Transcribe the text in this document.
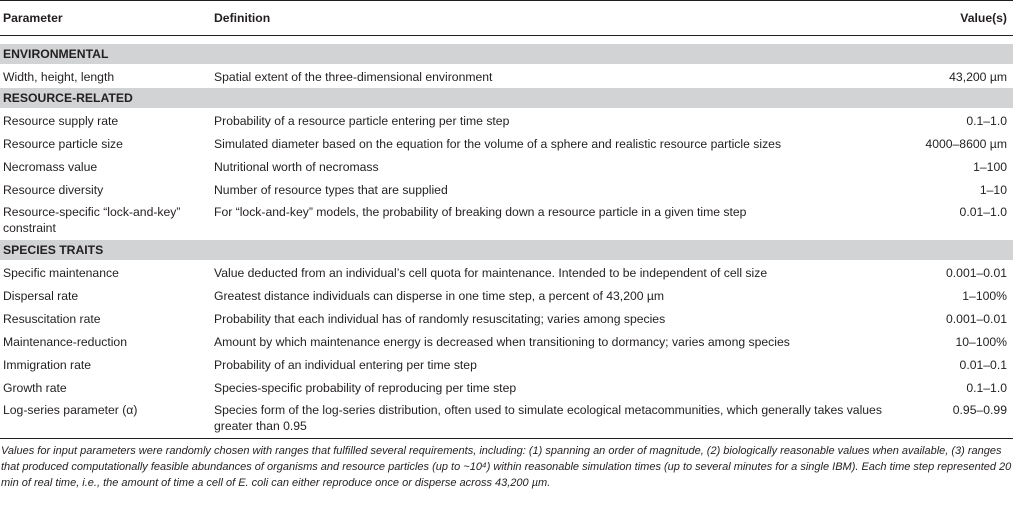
Parameter	Definition	Value(s)

ENVIRONMENTAL		
Width, height, length	Spatial extent of the three-dimensional environment	43,200 µm
RESOURCE-RELATED		
Resource supply rate	Probability of a resource particle entering per time step	0.1–1.0
Resource particle size	Simulated diameter based on the equation for the volume of a sphere and realistic resource particle sizes	4000–8600 µm
Necromass value	Nutritional worth of necromass	1–100
Resource diversity	Number of resource types that are supplied	1–10
Resource-specific “lock-and-key” constraint	For “lock-and-key” models, the probability of breaking down a resource particle in a given time step	0.01–1.0
SPECIES TRAITS		
Specific maintenance	Value deducted from an individual’s cell quota for maintenance. Intended to be independent of cell size	0.001–0.01
Dispersal rate	Greatest distance individuals can disperse in one time step, a percent of 43,200 µm	1–100%
Resuscitation rate	Probability that each individual has of randomly resuscitating; varies among species	0.001–0.01
Maintenance-reduction	Amount by which maintenance energy is decreased when transitioning to dormancy; varies among species	10–100%
Immigration rate	Probability of an individual entering per time step	0.01–0.1
Growth rate	Species-specific probability of reproducing per time step	0.1–1.0
Log-series parameter (α)	Species form of the log-series distribution, often used to simulate ecological metacommunities, which generally takes values greater than 0.95	0.95–0.99
Values for input parameters were randomly chosen with ranges that fulfilled several requirements, including: (1) spanning an order of magnitude, (2) biologically reasonable values when available, (3) ranges that produced computationally feasible abundances of organisms and resource particles (up to ~10⁴) within reasonable simulation times (up to several minutes for a single IBM). Each time step represented 20 min of real time, i.e., the amount of time a cell of E. coli can either reproduce once or disperse across 43,200 µm.
